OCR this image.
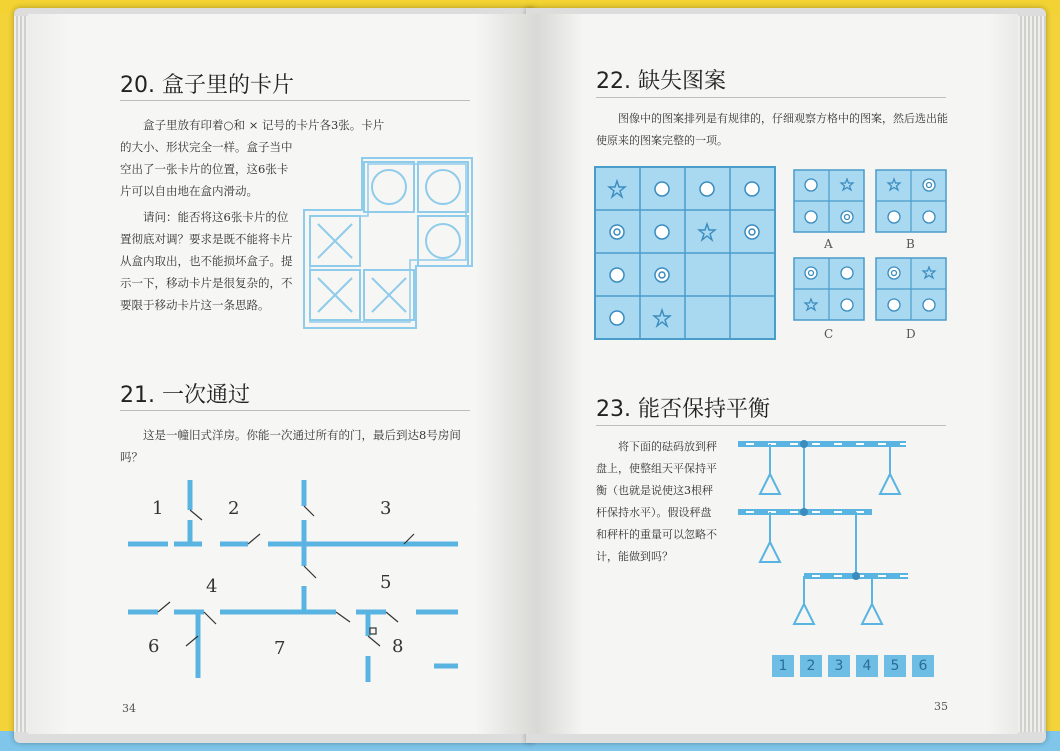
20. 盒子里的卡片
盒子里放有印着○和 × 记号的卡片各3张。卡片
的大小、形状完全一样。盒子当中空出了一张卡片的位置，这6张卡片可以自由地在盒内滑动。
21. 一次通过
这是一幢旧式洋房。你能一次通过所有的门，最后到达8号房间吗？
1	2	3
4	5
6	7	8
34
22. 缺失图案
图像中的图案排列是有规律的，仔细观察方格中的图案，然后选出能使原来的图案完整的一项。
A	B
C	D
23. 能否保持平衡
将下面的砝码放到秤盘上，使整组天平保持平衡（也就是说使这3根秤杆保持水平）。假设秤盘和秤杆的重量可以忽略不计，能做到吗？
1	2	3	4	5	6
35
请问：能否将这6张卡片的位置彻底对调？要求是既不能将卡片从盒内取出，也不能损坏盒子。提示一下，移动卡片是很复杂的，不要限于移动卡片这一条思路。
